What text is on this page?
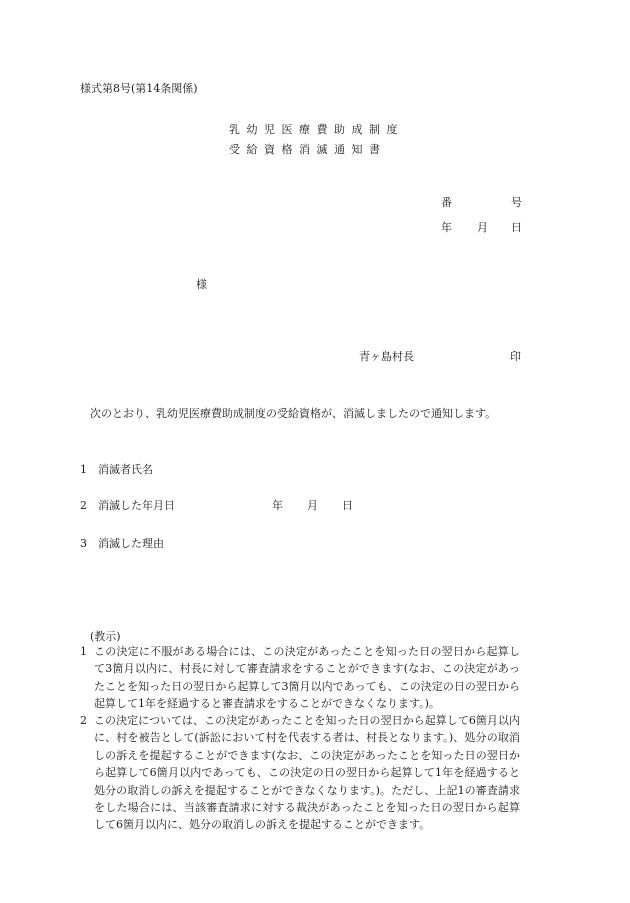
様式第8号(第14条関係)
乳幼児医療費助成制度
受給資格消滅通知書
番	号
年 月 日
様
青ヶ島村長	印
次のとおり、乳幼児医療費助成制度の受給資格が、消滅しましたので通知します。
1 消滅者氏名
2 消滅した年月日	年 月 日
3 消滅した理由
(教示)
1 この決定に不服がある場合には、この決定があったことを知った日の翌日から起算して3箇月以内に、村長に対して審査請求をすることができます(なお、この決定があったことを知った日の翌日から起算して3箇月以内であっても、この決定の日の翌日から起算して1年を経過すると審査請求をすることができなくなります。)。
2 この決定については、この決定があったことを知った日の翌日から起算して6箇月以内に、村を被告として(訴訟において村を代表する者は、村長となります。)、処分の取消しの訴えを提起することができます(なお、この決定があったことを知った日の翌日から起算して6箇月以内であっても、この決定の日の翌日から起算して1年を経過すると処分の取消しの訴えを提起することができなくなります。)。ただし、上記1の審査請求をした場合には、当該審査請求に対する裁決があったことを知った日の翌日から起算して6箇月以内に、処分の取消しの訴えを提起することができます。
